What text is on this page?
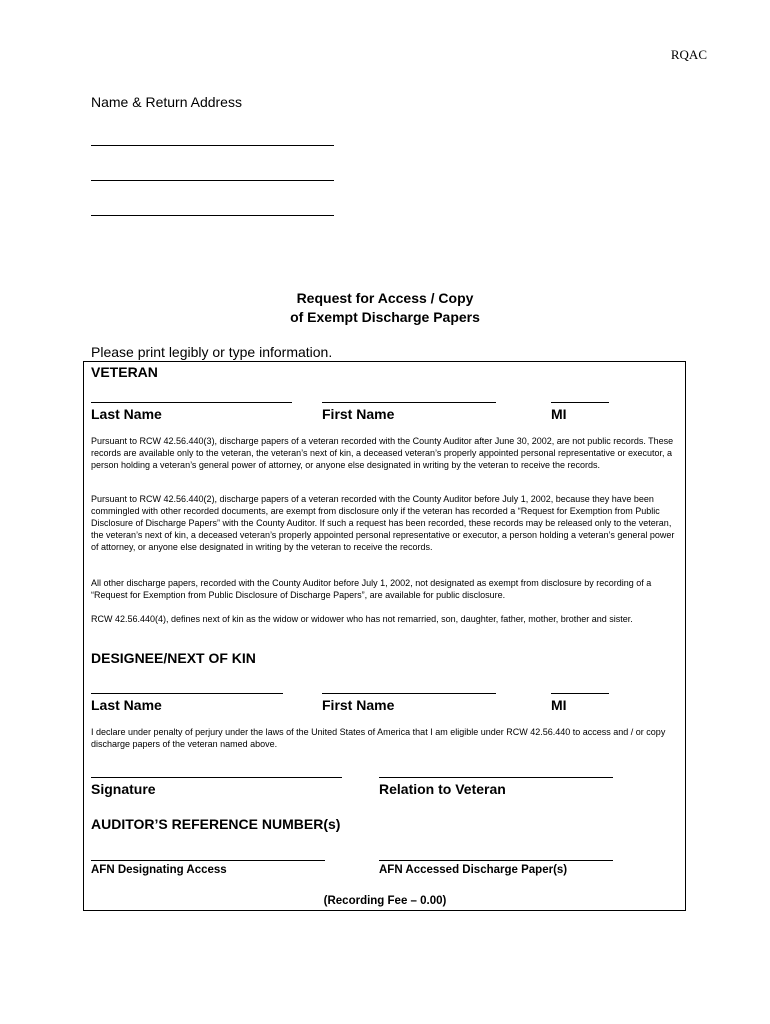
RQAC
Name & Return Address
Request for Access / Copy
of Exempt Discharge Papers
Please print legibly or type information.
VETERAN
Last Name	First Name	MI
Pursuant to RCW 42.56.440(3), discharge papers of a veteran recorded with the County Auditor after June 30, 2002, are not public records. These records are available only to the veteran, the veteran’s next of kin, a deceased veteran’s properly appointed personal representative or executor, a person holding a veteran’s general power of attorney, or anyone else designated in writing by the veteran to receive the records.
Pursuant to RCW 42.56.440(2), discharge papers of a veteran recorded with the County Auditor before July 1, 2002, because they have been commingled with other recorded documents, are exempt from disclosure only if the veteran has recorded a “Request for Exemption from Public Disclosure of Discharge Papers” with the County Auditor. If such a request has been recorded, these records may be released only to the veteran, the veteran’s next of kin, a deceased veteran’s properly appointed personal representative or executor, a person holding a veteran’s general power of attorney, or anyone else designated in writing by the veteran to receive the records.
All other discharge papers, recorded with the County Auditor before July 1, 2002, not designated as exempt from disclosure by recording of a “Request for Exemption from Public Disclosure of Discharge Papers”, are available for public disclosure.
RCW 42.56.440(4), defines next of kin as the widow or widower who has not remarried, son, daughter, father, mother, brother and sister.
DESIGNEE/NEXT OF KIN
Last Name	First Name	MI
I declare under penalty of perjury under the laws of the United States of America that I am eligible under RCW 42.56.440 to access and / or copy discharge papers of the veteran named above.
Signature	Relation to Veteran
AUDITOR’S REFERENCE NUMBER(s)
AFN Designating Access	AFN Accessed Discharge Paper(s)
(Recording Fee – 0.00)
